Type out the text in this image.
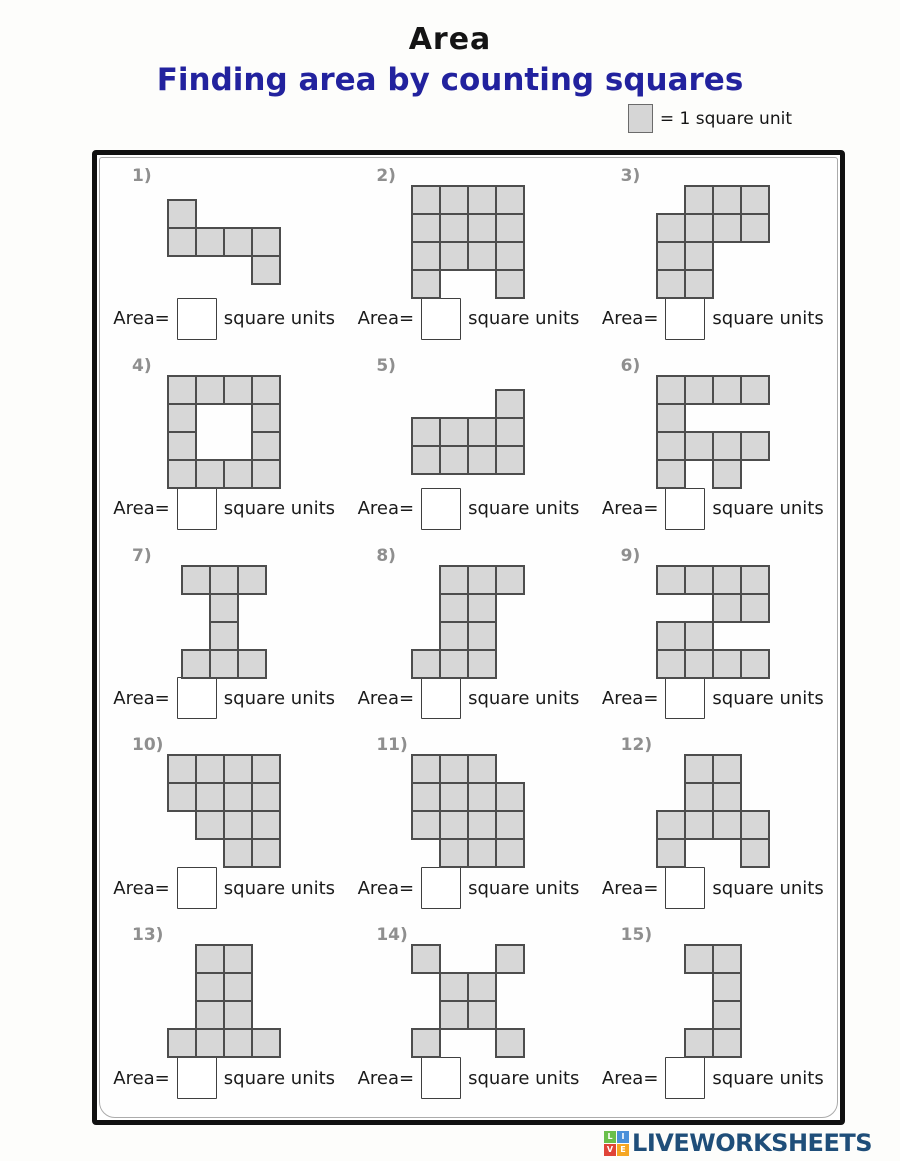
Area
Finding area by counting squares
= 1 square unit
1)
Area=	square units
2)
Area=	square units
3)
Area=	square units
4)
Area=	square units
5)
Area=	square units
6)
Area=	square units
7)
Area=	square units
8)
Area=	square units
9)
Area=	square units
10)
Area=	square units
11)
Area=	square units
12)
Area=	square units
13)
Area=	square units
14)
Area=	square units
15)
Area=	square units
L	I
V E LIVEWORKSHEETS
